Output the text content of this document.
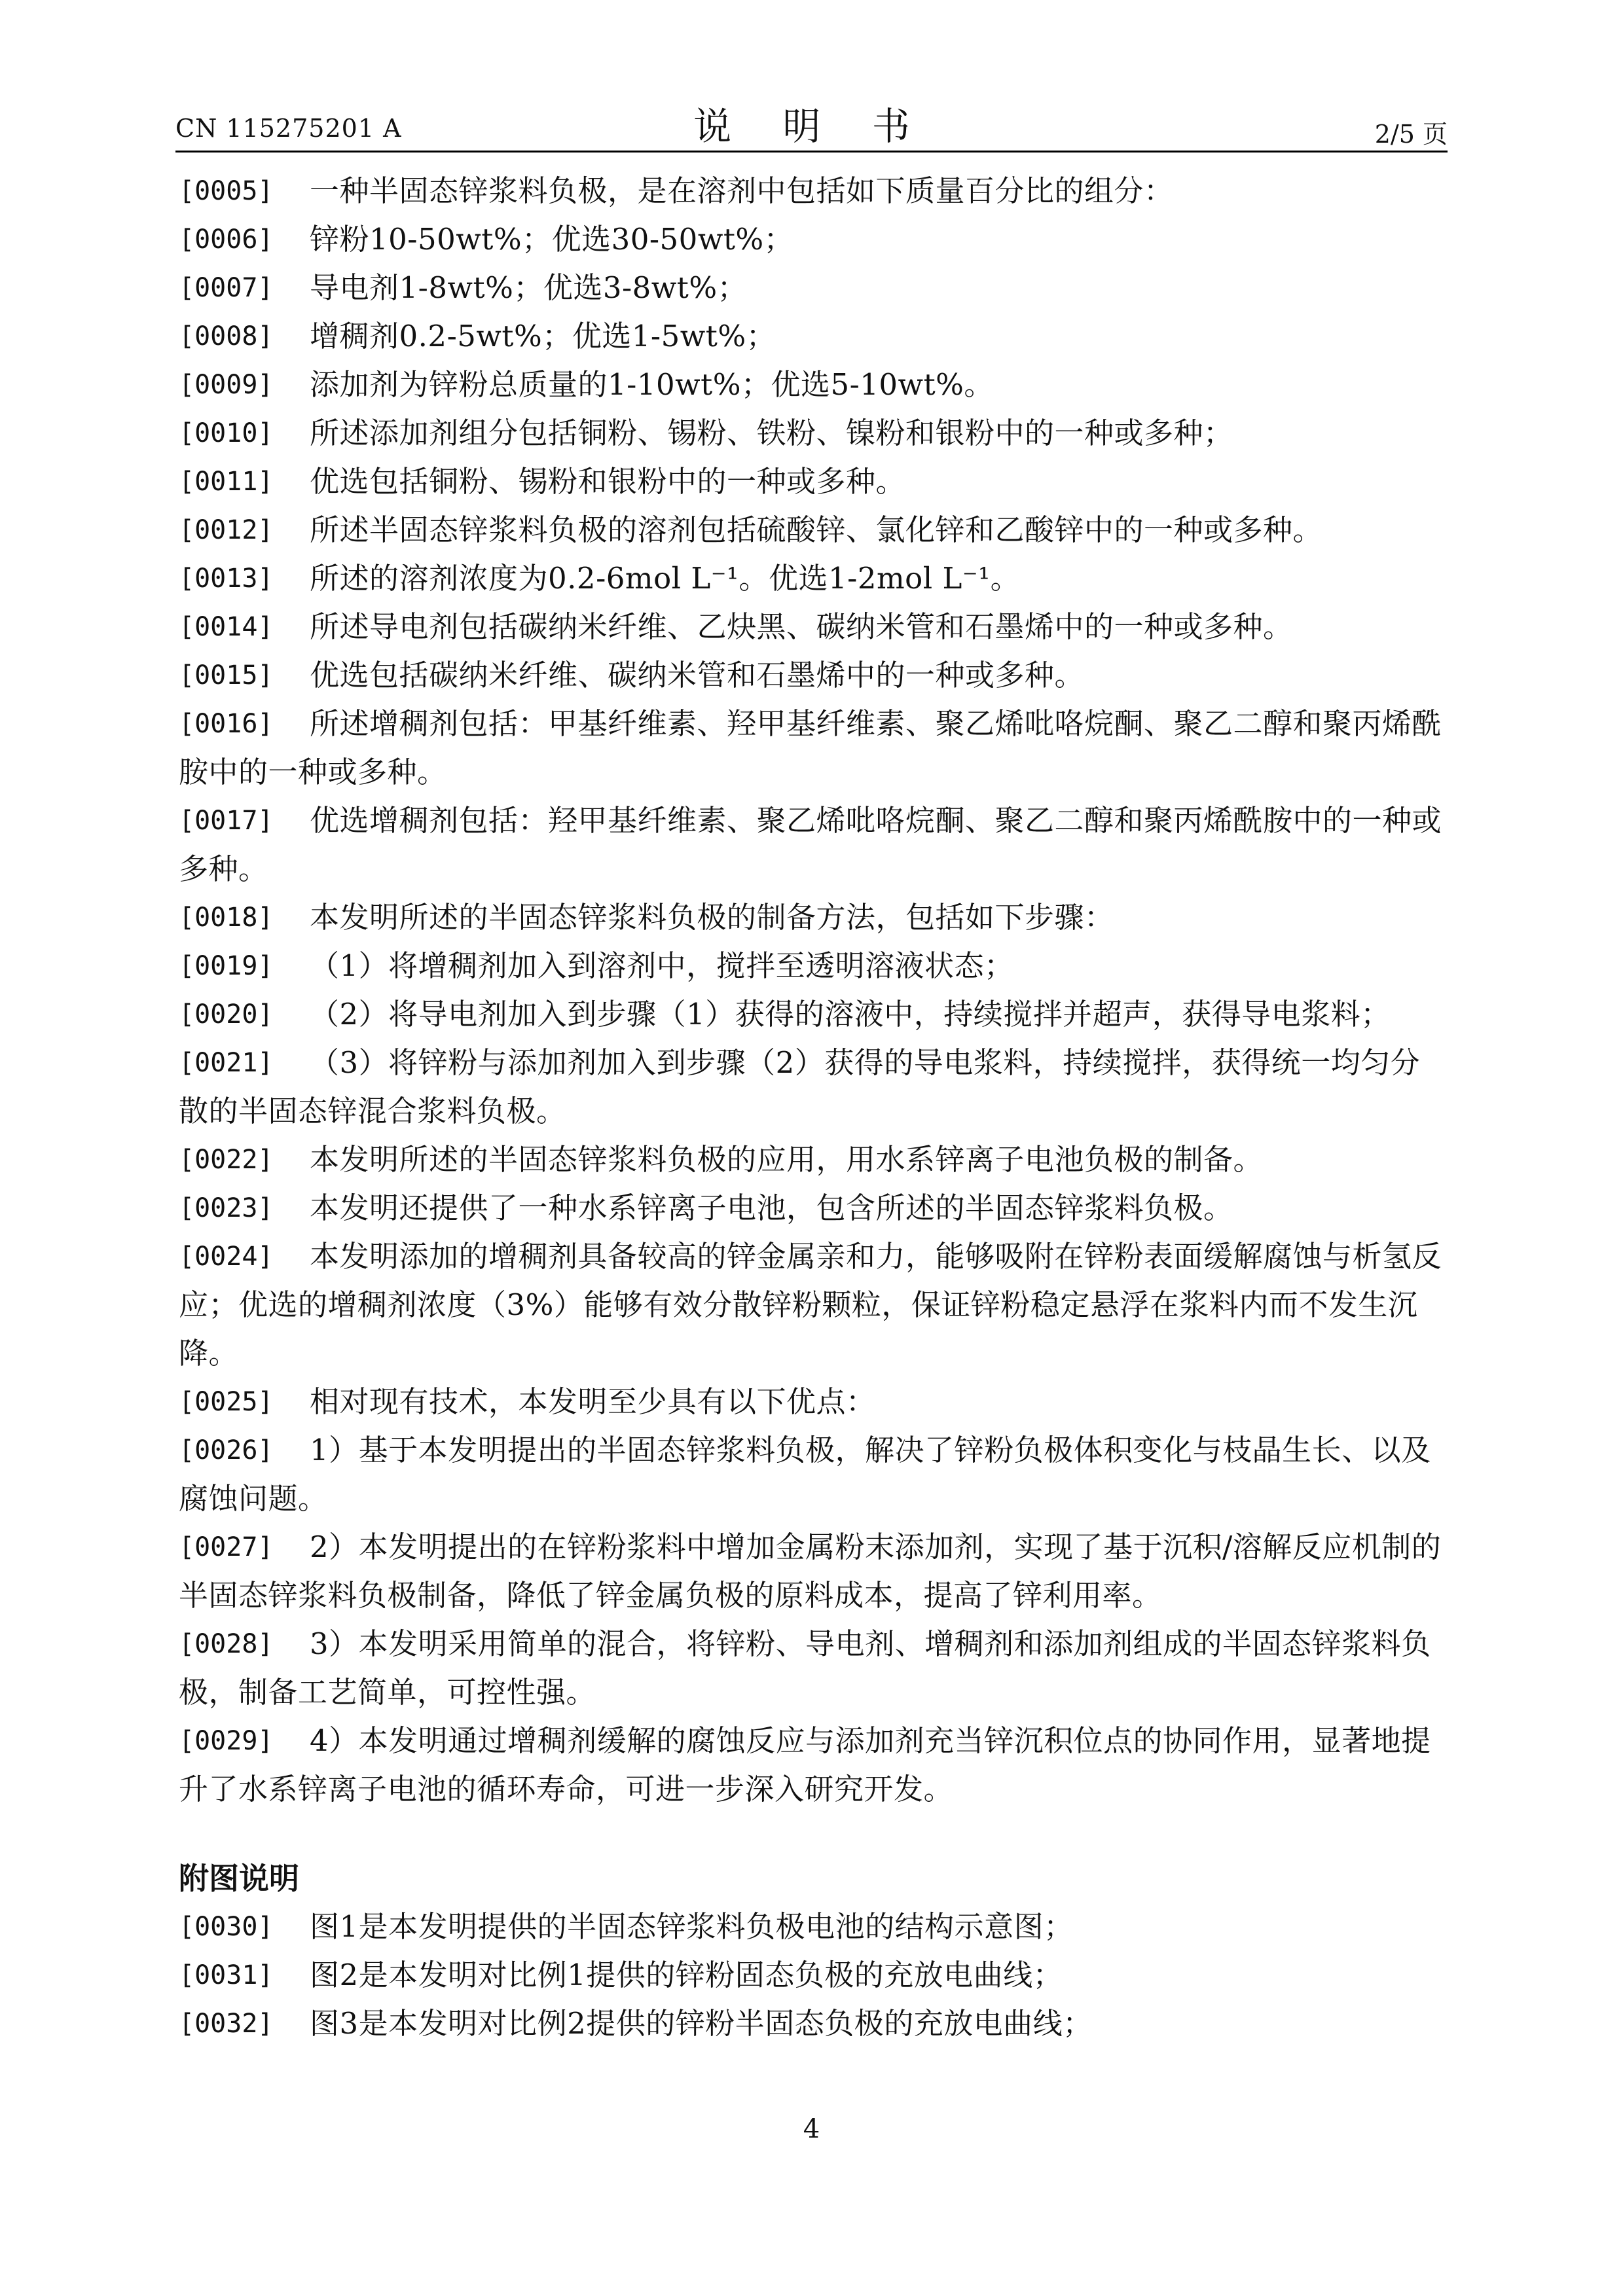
CN 115275201 A	说 明 书	2/5 页
[0005] 一种半固态锌浆料负极，是在溶剂中包括如下质量百分比的组分：
[0006] 锌粉10-50wt%；优选30-50wt%；
[0007] 导电剂1-8wt%；优选3-8wt%；
[0008] 增稠剂0.2-5wt%；优选1-5wt%；
[0009] 添加剂为锌粉总质量的1-10wt%；优选5-10wt%。
[0010] 所述添加剂组分包括铜粉、锡粉、铁粉、镍粉和银粉中的一种或多种；
[0011] 优选包括铜粉、锡粉和银粉中的一种或多种。
[0012] 所述半固态锌浆料负极的溶剂包括硫酸锌、氯化锌和乙酸锌中的一种或多种。
[0013] 所述的溶剂浓度为0.2-6mol L⁻¹。优选1-2mol L⁻¹。
[0014] 所述导电剂包括碳纳米纤维、乙炔黑、碳纳米管和石墨烯中的一种或多种。
[0015] 优选包括碳纳米纤维、碳纳米管和石墨烯中的一种或多种。
[0016] 所述增稠剂包括：甲基纤维素、羟甲基纤维素、聚乙烯吡咯烷酮、聚乙二醇和聚丙烯酰胺中的一种或多种。
[0017] 优选增稠剂包括：羟甲基纤维素、聚乙烯吡咯烷酮、聚乙二醇和聚丙烯酰胺中的一种或多种。
[0018] 本发明所述的半固态锌浆料负极的制备方法，包括如下步骤：
[0019] （1）将增稠剂加入到溶剂中，搅拌至透明溶液状态；
[0020] （2）将导电剂加入到步骤（1）获得的溶液中，持续搅拌并超声，获得导电浆料；
[0021] （3）将锌粉与添加剂加入到步骤（2）获得的导电浆料，持续搅拌，获得统一均匀分散的半固态锌混合浆料负极。
[0022] 本发明所述的半固态锌浆料负极的应用，用水系锌离子电池负极的制备。
[0023] 本发明还提供了一种水系锌离子电池，包含所述的半固态锌浆料负极。
[0024] 本发明添加的增稠剂具备较高的锌金属亲和力，能够吸附在锌粉表面缓解腐蚀与析氢反应；优选的增稠剂浓度（3%）能够有效分散锌粉颗粒，保证锌粉稳定悬浮在浆料内而不发生沉降。
[0025] 相对现有技术，本发明至少具有以下优点：
[0026] 1）基于本发明提出的半固态锌浆料负极，解决了锌粉负极体积变化与枝晶生长、以及腐蚀问题。
[0027] 2）本发明提出的在锌粉浆料中增加金属粉末添加剂，实现了基于沉积/溶解反应机制的半固态锌浆料负极制备，降低了锌金属负极的原料成本，提高了锌利用率。
[0028] 3）本发明采用简单的混合，将锌粉、导电剂、增稠剂和添加剂组成的半固态锌浆料负极，制备工艺简单，可控性强。
[0029] 4）本发明通过增稠剂缓解的腐蚀反应与添加剂充当锌沉积位点的协同作用，显著地提升了水系锌离子电池的循环寿命，可进一步深入研究开发。
附图说明
[0030] 图1是本发明提供的半固态锌浆料负极电池的结构示意图；
[0031] 图2是本发明对比例1提供的锌粉固态负极的充放电曲线；
[0032] 图3是本发明对比例2提供的锌粉半固态负极的充放电曲线；
4
